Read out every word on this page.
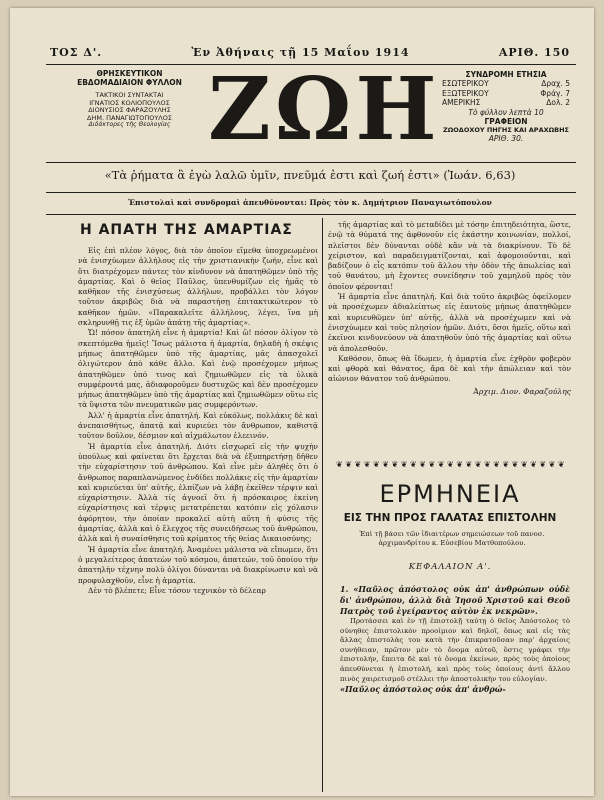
ΤΟΣ Δ'.	Ἐν Ἀθήναις τῇ 15 Μαΐου 1914	ΑΡΙΘ. 150
ΘΡΗΣΚΕΥΤΙΚΟΝ
ΕΒΔΟΜΑΔΙΑΙΟΝ ΦΥΛΛΟΝ
ΤΑΚΤΙΚΟΙ ΣΥΝΤΑΚΤΑΙ
ΙΓΝΑΤΙΟΣ ΚΟΛΙΟΠΟΥΛΟΣ
ΔΙΟΝΥΣΙΟΣ ΦΑΡΑΖΟΥΛΗΣ
ΔΗΜ. ΠΑΝΑΓΙΩΤΟΠΟΥΛΟΣ
Διδάκτορες τῆς Θεολογίας ΖΩΗ	ΣΥΝΔΡΟΜΗ ΕΤΗΣΙΑ
ΕΣΩΤΕΡΙΚΟΥ	Δραχ. 5
ΕΞΩΤΕΡΙΚΟΥ	Φράγ. 7
ΑΜΕΡΙΚΗΣ	Δολ. 2
Τὸ φύλλον λεπτὰ 10
ΓΡΑΦΕΙΟΝ
ΖΩΟΔΟΧΟΥ ΠΗΓΗΣ ΚΑΙ ΑΡΑΧΩΒΗΣ
ΑΡΙΘ. 30.
«Τὰ ῥήματα ἃ ἐγὼ λαλῶ ὑμῖν, πνεῦμά ἐστι καὶ ζωή ἐστι» (Ἰωάν. 6,63)
Ἐπιστολαὶ καὶ συνδρομαὶ ἀπευθύνονται: Πρὸς τὸν κ. Δημήτριον Παναγιωτόπουλον
Η ΑΠΑΤΗ ΤΗΣ ΑΜΑΡΤΙΑΣ

Εἰς ἐπὶ πλέον λόγος, διὰ τὸν ὁποῖον εἴμεθα ὑποχρεωμένοι νὰ ἐνισχύωμεν ἀλλήλους εἰς τὴν χριστιανικὴν ζωήν, εἶνε καὶ ὅτι διατρέχομεν πάντες τὸν κίνδυνον νὰ ἀπατηθῶμεν ὑπὸ τῆς ἁμαρτίας. Καὶ ὁ θεῖος Παῦλος, ὑπενθυμίζων εἰς ἡμᾶς τὸ καθῆκον τῆς ἐνισχύσεως ἀλλήλων, προβάλλει τὸν λόγον τοῦτον ἀκριβῶς διὰ νὰ παραστήσῃ ἐπιτακτικώτερον τὸ καθῆκον ἡμῶν. «Παρακαλεῖτε ἀλλήλους, λέγει, ἵνα μὴ σκληρυνθῇ τις ἐξ ὑμῶν ἀπάτῃ τῆς ἁμαρτίας».

Ὤ! πόσον ἀπατηλὴ εἶνε ἡ ἁμαρτία! Καὶ ὤ! πόσον ὀλίγον τὸ σκεπτόμεθα ἡμεῖς! Ἴσως μάλιστα ἡ ἁμαρτία, δηλαδὴ ἡ σκέψις μήπως ἀπατηθῶμεν ὑπὸ τῆς ἁμαρτίας, μᾶς ἀπασχολεῖ ὀλιγώτερον ἀπὸ κάθε ἄλλο. Καὶ ἐνῷ προσέχομεν μήπως ἀπατηθῶμεν ὑπό τινος καὶ ζημιωθῶμεν εἰς τὰ ὑλικὰ συμφέροντά μας, ἀδιαφοροῦμεν δυστυχῶς καὶ δὲν προσέχομεν μήπως ἀπατηθῶμεν ὑπὸ τῆς ἁμαρτίας καὶ ζημιωθῶμεν οὕτω εἰς τὰ ὕψιστα τῶν πνευματικῶν μας συμφερόντων.

Ἀλλ' ἡ ἁμαρτία εἶνε ἀπατηλή. Καὶ εὐκόλως, πολλάκις δὲ καὶ ἀνεπαισθήτως, ἀπατᾷ καὶ κυριεύει τὸν ἄνθρωπον, καθιστᾷ τοῦτον δοῦλον, δέσμιον καὶ αἰχμάλωτον ἑλεεινόν.

Ἡ ἁμαρτία εἶνε ἀπατηλή. Διότι εἰσχωρεῖ εἰς τὴν ψυχὴν ὑπούλως καὶ φαίνεται ὅτι ἔρχεται διὰ νὰ ἐξυπηρετήσῃ δῆθεν τὴν εὐχαρίστησιν τοῦ ἀνθρώπου. Καὶ εἶνε μὲν ἀληθὲς ὅτι ὁ ἄνθρωπος παραπλανώμενος ἐνδίδει πολλάκις εἰς τὴν ἁμαρτίαν καὶ κυριεύεται ὑπ' αὐτῆς, ἐλπίζων νὰ λάβῃ ἐκεῖθεν τέρψιν καὶ εὐχαρίστησιν. Ἀλλὰ τίς ἀγνοεῖ ὅτι ἡ πρόσκαιρος ἐκείνη εὐχαρίστησις καὶ τέρψις μετατρέπεται κατόπιν εἰς χόλασιν ἀφόρητον, τὴν ὁποίαν προκαλεῖ αὐτὴ αὕτη ἡ φύσις τῆς ἁμαρτίας, ἀλλὰ καὶ ὁ ἔλεγχος τῆς συνειδήσεως τοῦ ἀνθρώπου, ἀλλὰ καὶ ἡ συναίσθησις τοῦ κρίματος τῆς θείας Δικαιοσύνης;

Ἡ ἁμαρτία εἶνε ἀπατηλή. Ἀναμένει μάλιστα νὰ εἴπωμεν, ὅτι ὁ μεγαλείτερος ἀπατεὼν τοῦ κόσμου, ἀπατεών, τοῦ ὁποίου τὴν ἀπατηλὴν τέχνην πολὺ ὀλίγοι δύνανται νὰ διακρίνωσιν καὶ νὰ προφυλαχθοῦν, εἶνε ἡ ἁμαρτία.

Δὲν τὸ βλέπετε; Εἶνε τόσον τεχνικὸν τὸ δέλεαρ

τῆς ἁμαρτίας καὶ τὸ μεταδίδει μὲ τόσην ἐπιτηδειότητα, ὥστε, ἐνῷ τὰ θύματά της ἀφθονοῦν εἰς ἑκάστην κοινωνίαν, πολλοί, πλεῖστοι δὲν δύνανται οὐδὲ κἂν νὰ τὰ διακρίνουν. Τὸ δὲ χείριστον, καὶ παραδειγματίζονται, καὶ ἀφομοιοῦνται, καὶ βαδίζουν ὁ εἷς κατόπιν τοῦ ἄλλου τὴν ὁδὸν τῆς ἀπωλείας καὶ τοῦ θανάτου, μὴ ἔχοντες συνείδησιν τοῦ χαμηλοῦ πρὸς τὸν ὁποῖον φέρονται!

Ἡ ἁμαρτία εἶνε ἀπατηλή. Καὶ διὰ τοῦτο ἀκριβῶς ὀφείλομεν νὰ προσέχωμεν ἀδιαλείπτως εἰς ἑαυτοὺς μήπως ἀπατηθῶμεν καὶ κυριευθῶμεν ὑπ' αὐτῆς, ἀλλὰ νὰ προσέχωμεν καὶ νὰ ἐνισχύωμεν καὶ τοὺς πλησίον ἡμῶν. Διότι, ὅσοι ἡμεῖς, οὕτω καὶ ἐκεῖνοι κινδυνεύουν νὰ ἀπατηθοῦν ὑπὸ τῆς ἁμαρτίας καὶ οὕτω νὰ ἀπολεσθοῦν.

Καθόσον, ὅπως θὰ ἴδωμεν, ἡ ἁμαρτία εἶνε ἐχθρὸν φοβερὸν καὶ φθορὰ καὶ θάνατος, ἄρα δὲ καὶ τὴν ἀπώλειαν καὶ τὸν αἰώνιον θάνατον τοῦ ἀνθρώπου.

Ἀρχιμ. Διον. Φαραζούλης
❦ ❦ ❦ ❦ ❦ ❦ ❦ ❦ ❦ ❦ ❦ ❦ ❦ ❦ ❦ ❦ ❦ ❦ ❦ ❦ ❦ ❦ ❦ ❦ ❦
ΕΡΜΗΝΕΙΑ
ΕΙΣ ΤΗΝ ΠΡΟΣ ΓΑΛΑΤΑΣ ΕΠΙΣΤΟΛΗΝ
Ἐπὶ τῇ βάσει τῶν ἰδιαιτέρων σημειώσεων τοῦ πανοσ. ἀρχιμανδρίτου κ. Εὐσεβίου Ματθοπούλου.
ΚΕΦΑΛΑΙΟΝ Α'.
1. «Παῦλος ἀπόστολος οὐκ ἀπ' ἀνθρώπων οὐδὲ δι' ἀνθρώπου, ἀλλὰ διὰ Ἰησοῦ Χριστοῦ καὶ Θεοῦ Πατρὸς τοῦ ἐγείραντος αὐτὸν ἐκ νεκρῶν».

Προτάσσει καὶ ἐν τῇ ἐπιστολῇ ταύτῃ ὁ θεῖος Ἀπόστολος τὸ σύνηθες ἐπιστολικὸν προοίμιον καὶ δηλοῖ, ὅπως καὶ εἰς τὰς ἄλλας ἐπιστολὰς του κατὰ τὴν ἐπικρατοῦσαν παρ' ἀρχαίοις συνήθειαν, πρῶτον μὲν τὸ ὄνομα αὐτοῦ, ὅστις γράφει τὴν ἐπιστολήν, ἔπειτα δὲ καὶ τὸ ὄνομα ἐκείνων, πρὸς τοὺς ὁποίους ἀπευθύνεται ἡ ἐπιστολή, καὶ πρὸς τοὺς ὁποίους ἀντὶ ἄλλου πινὸς χαιρετισμοῦ στέλλει τὴν ἀποστολικὴν του εὐλογίαν.

«Παῦλος ἀπόστολος οὐκ ἀπ' ἀνθρώ-
